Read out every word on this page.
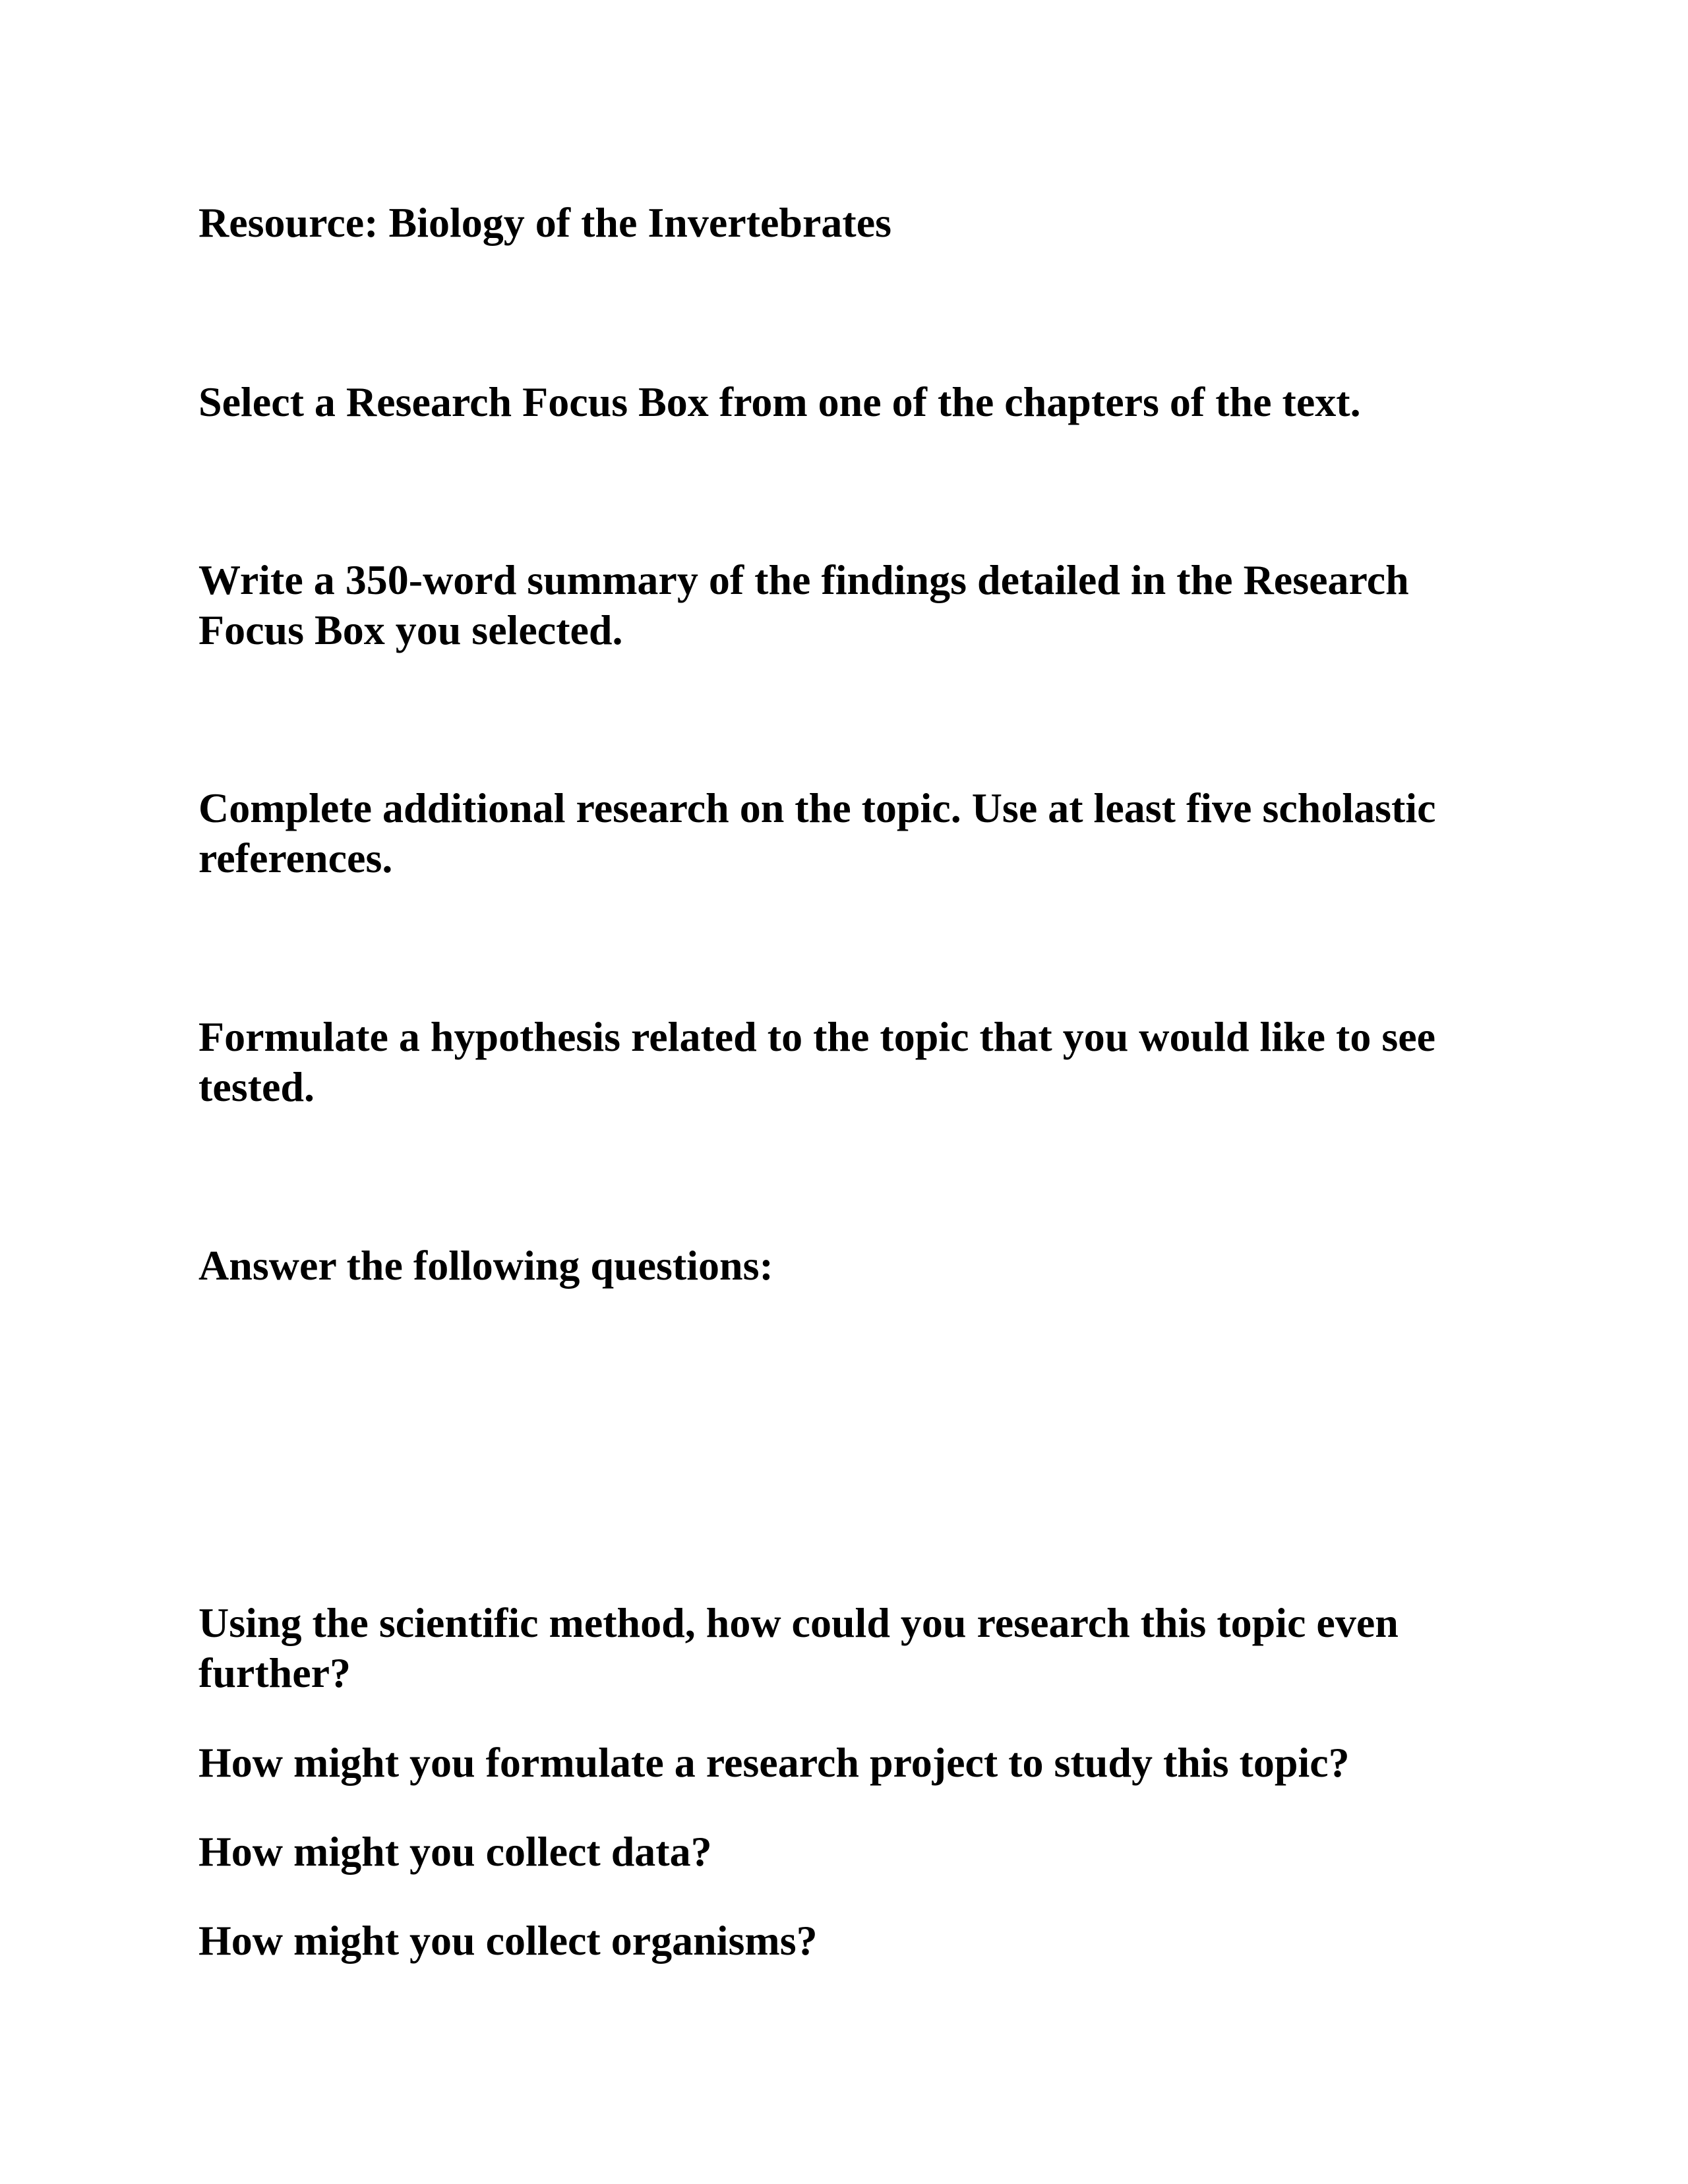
Resource: Biology of the Invertebrates

Select a Research Focus Box from one of the chapters of the text.

Write a 350-word summary of the findings detailed in the Research Focus Box you selected.

Complete additional research on the topic. Use at least five scholastic references.

Formulate a hypothesis related to the topic that you would like to see tested.

Answer the following questions:

Using the scientific method, how could you research this topic even further?

How might you formulate a research project to study this topic?

How might you collect data?

How might you collect organisms?
